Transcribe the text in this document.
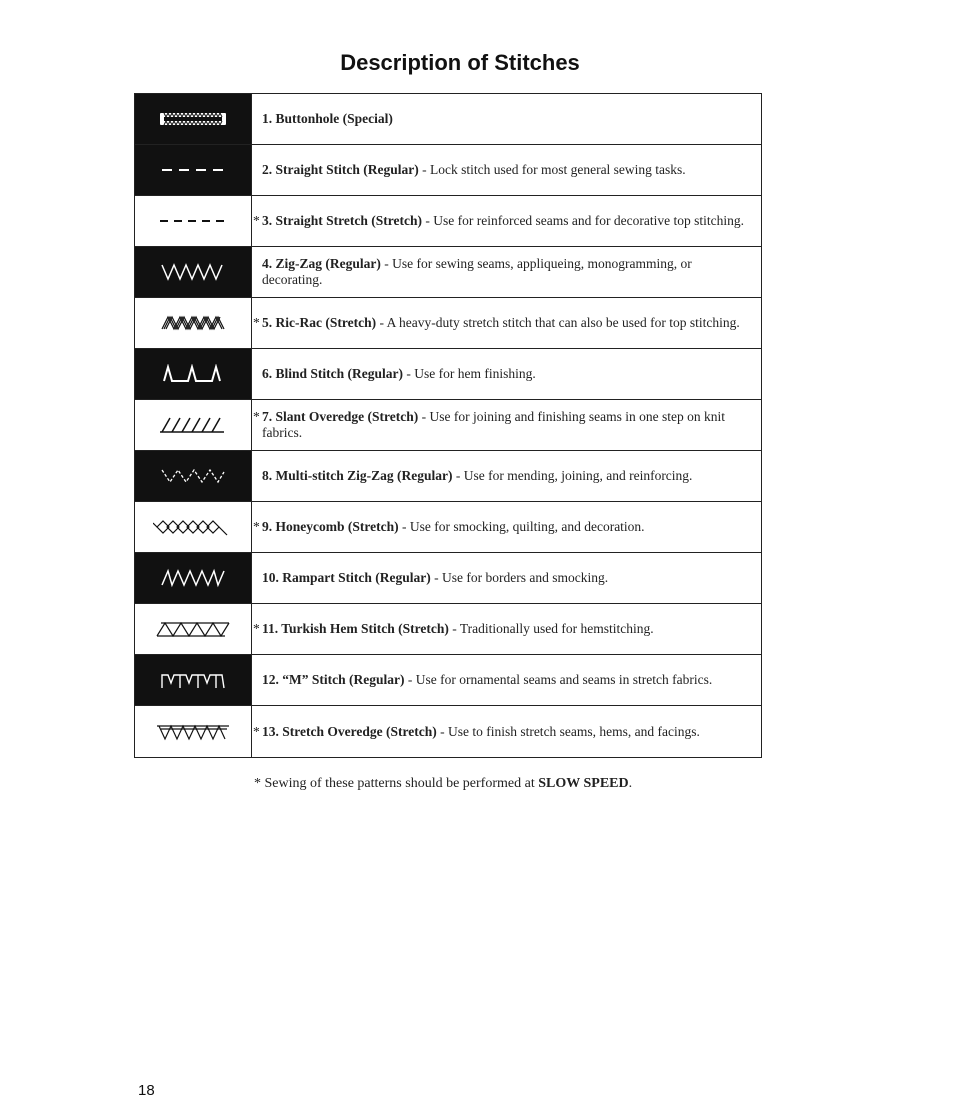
Description of Stitches
1. Buttonhole (Special)
2. Straight Stitch (Regular) - Lock stitch used for most general sewing tasks.
* 3. Straight Stretch (Stretch) - Use for reinforced seams and for decorative top stitching.
4. Zig-Zag (Regular) - Use for sewing seams, appliqueing, monogramming, or decorating.
* 5. Ric-Rac (Stretch) - A heavy-duty stretch stitch that can also be used for top stitching.
6. Blind Stitch (Regular) - Use for hem finishing.
* 7. Slant Overedge (Stretch) - Use for joining and finishing seams in one step on knit fabrics.
8. Multi-stitch Zig-Zag (Regular) - Use for mending, joining, and reinforcing.
* 9. Honeycomb (Stretch) - Use for smocking, quilting, and decoration.
10. Rampart Stitch (Regular) - Use for borders and smocking.
* 11. Turkish Hem Stitch (Stretch) - Traditionally used for hemstitching.
12. “M” Stitch (Regular) - Use for ornamental seams and seams in stretch fabrics.
* 13. Stretch Overedge (Stretch) - Use to finish stretch seams, hems, and facings.
* Sewing of these patterns should be performed at SLOW SPEED.
18
